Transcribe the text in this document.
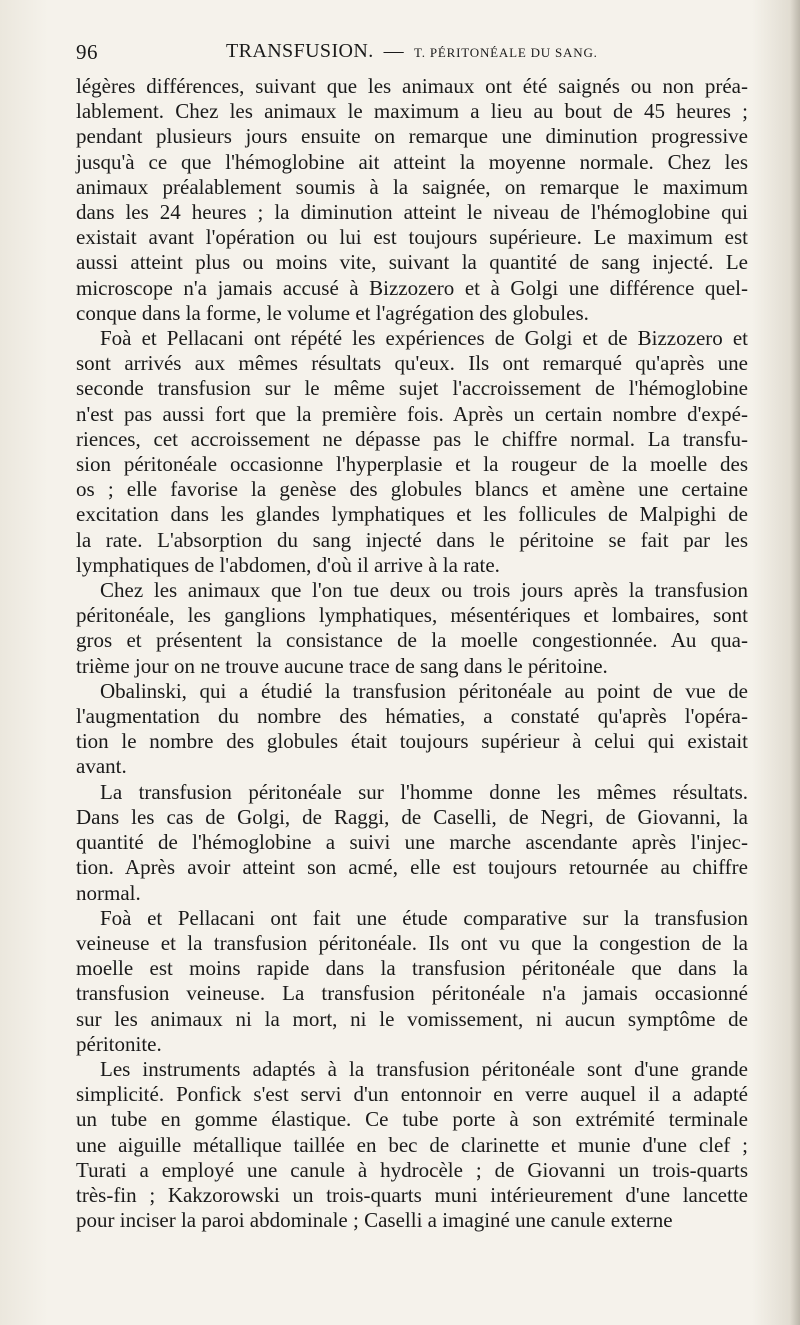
96	TRANSFUSION. — T. PÉRITONÉALE DU SANG.

légères différences, suivant que les animaux ont été saignés ou non préa-

lablement. Chez les animaux le maximum a lieu au bout de 45 heures ;

pendant plusieurs jours ensuite on remarque une diminution progressive

jusqu'à ce que l'hémoglobine ait atteint la moyenne normale. Chez les

animaux préalablement soumis à la saignée, on remarque le maximum

dans les 24 heures ; la diminution atteint le niveau de l'hémoglobine qui

existait avant l'opération ou lui est toujours supérieure. Le maximum est

aussi atteint plus ou moins vite, suivant la quantité de sang injecté. Le

microscope n'a jamais accusé à Bizzozero et à Golgi une différence quel-

conque dans la forme, le volume et l'agrégation des globules.

Foà et Pellacani ont répété les expériences de Golgi et de Bizzozero et

sont arrivés aux mêmes résultats qu'eux. Ils ont remarqué qu'après une

seconde transfusion sur le même sujet l'accroissement de l'hémoglobine

n'est pas aussi fort que la première fois. Après un certain nombre d'expé-

riences, cet accroissement ne dépasse pas le chiffre normal. La transfu-

sion péritonéale occasionne l'hyperplasie et la rougeur de la moelle des

os ; elle favorise la genèse des globules blancs et amène une certaine

excitation dans les glandes lymphatiques et les follicules de Malpighi de

la rate. L'absorption du sang injecté dans le péritoine se fait par les

lymphatiques de l'abdomen, d'où il arrive à la rate.

Chez les animaux que l'on tue deux ou trois jours après la transfusion

péritonéale, les ganglions lymphatiques, mésentériques et lombaires, sont

gros et présentent la consistance de la moelle congestionnée. Au qua-

trième jour on ne trouve aucune trace de sang dans le péritoine.

Obalinski, qui a étudié la transfusion péritonéale au point de vue de

l'augmentation du nombre des hématies, a constaté qu'après l'opéra-

tion le nombre des globules était toujours supérieur à celui qui existait

avant.

La transfusion péritonéale sur l'homme donne les mêmes résultats.

Dans les cas de Golgi, de Raggi, de Caselli, de Negri, de Giovanni, la

quantité de l'hémoglobine a suivi une marche ascendante après l'injec-

tion. Après avoir atteint son acmé, elle est toujours retournée au chiffre

normal.

Foà et Pellacani ont fait une étude comparative sur la transfusion

veineuse et la transfusion péritonéale. Ils ont vu que la congestion de la

moelle est moins rapide dans la transfusion péritonéale que dans la

transfusion veineuse. La transfusion péritonéale n'a jamais occasionné

sur les animaux ni la mort, ni le vomissement, ni aucun symptôme de

péritonite.

Les instruments adaptés à la transfusion péritonéale sont d'une grande

simplicité. Ponfick s'est servi d'un entonnoir en verre auquel il a adapté

un tube en gomme élastique. Ce tube porte à son extrémité terminale

une aiguille métallique taillée en bec de clarinette et munie d'une clef ;

Turati a employé une canule à hydrocèle ; de Giovanni un trois-quarts

très-fin ; Kakzorowski un trois-quarts muni intérieurement d'une lancette

pour inciser la paroi abdominale ; Caselli a imaginé une canule externe
